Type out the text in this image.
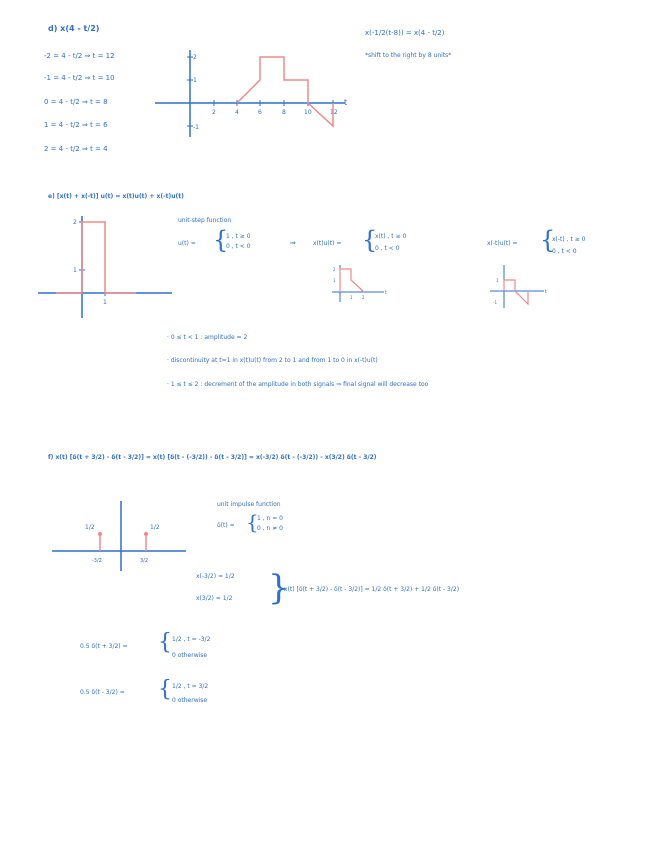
d) x(4 - t/2)
-2 = 4 - t/2 ⇒ t = 12
-1 = 4 - t/2 ⇒ t = 10
0 = 4 - t/2 ⇒ t = 8
1 = 4 - t/2 ⇒ t = 6
2 = 4 - t/2 ⇒ t = 4
x(-1/2(t-8)) = x(4 - t/2)
*shift to the right by 8 units*
2
1
-1
2	4	6	8	10	12
t
e) [x(t) + x(-t)] u(t) = x(t)u(t) + x(-t)u(t)
unit-step function
u(t) = {
1 , t ≥ 0
0 , t < 0	⇒	x(t)u(t) = {
x(t) , t ≥ 0
0 , t < 0
x(-t)u(t) = {
x(-t) , t ≥ 0
0 , t < 0
2
1
1
2
1
1 2
t
1
-1
t
· 0 ≤ t < 1 : amplitude = 2
· discontinuity at t=1 in x(t)u(t) from 2 to 1 and from 1 to 0 in x(-t)u(t)
· 1 ≤ t ≤ 2 : decrement of the amplitude in both signals ⇒ final signal will decrease too
f) x(t) [δ(t + 3/2) - δ(t - 3/2)] = x(t) [δ(t - (-3/2)) - δ(t - 3/2)] = x(-3/2) δ(t - (-3/2)) - x(3/2) δ(t - 3/2)
unit impulse function
δ(t) = {
1 , n = 0
0 , n ≠ 0
1/2	1/2
-3/2	3/2
x(-3/2) = 1/2
x(3/2) = 1/2 }
x(t) [δ(t + 3/2) - δ(t - 3/2)] = 1/2 δ(t + 3/2) + 1/2 δ(t - 3/2)
0.5 δ(t + 3/2) = { 1/2 , t = -3/2
0 otherwise
0.5 δ(t - 3/2) = { 1/2 , t = 3/2
0 otherwise
